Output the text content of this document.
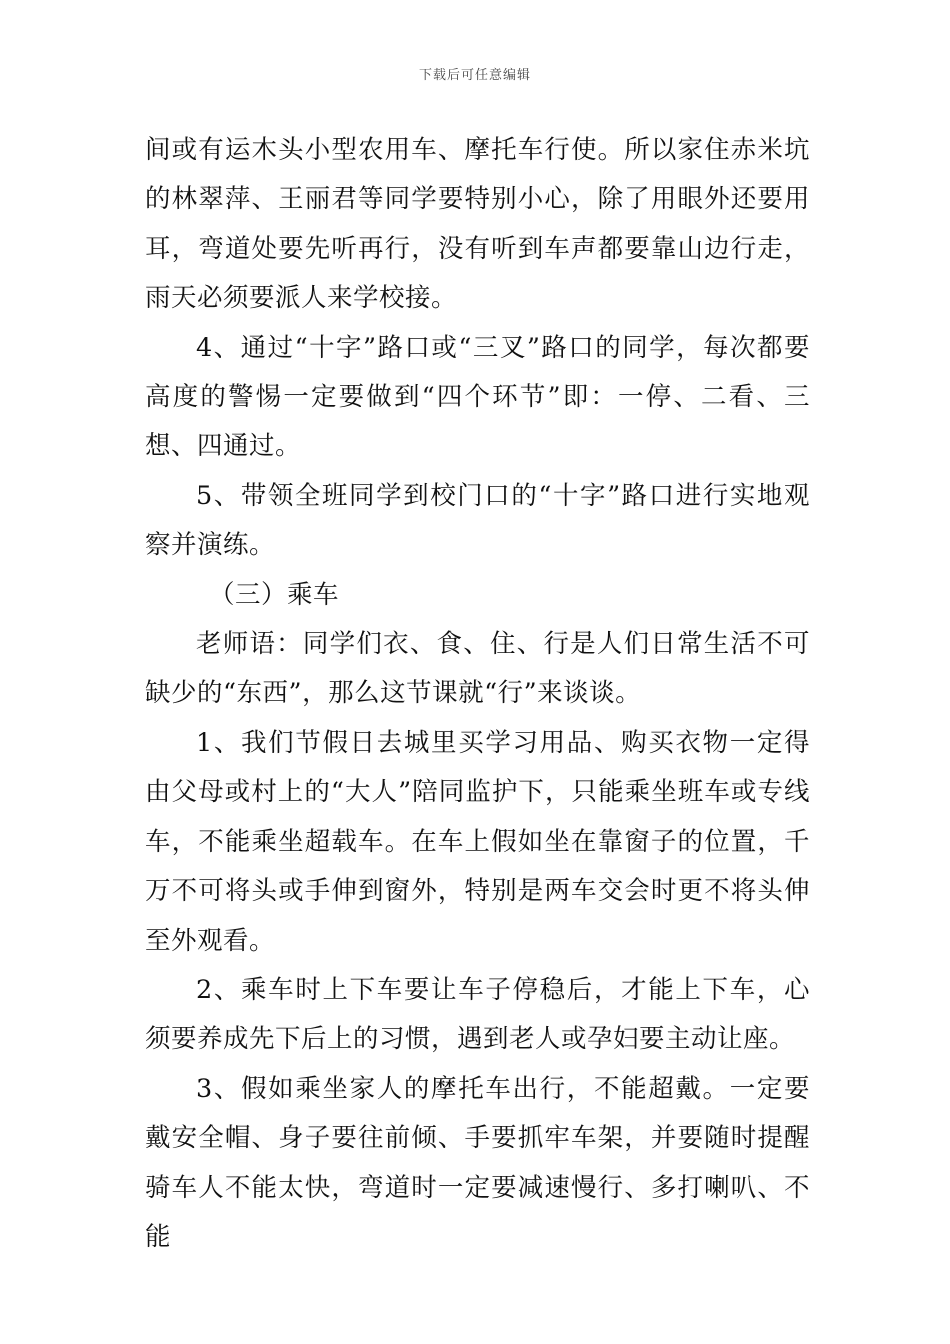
下载后可任意编辑

间或有运木头小型农用车、摩托车行使。所以家住赤米坑的林翠萍、王丽君等同学要特别小心，除了用眼外还要用耳，弯道处要先听再行，没有听到车声都要靠山边行走，雨天必须要派人来学校接。

4、通过“十字”路口或“三叉”路口的同学，每次都要高度的警惕一定要做到“四个环节”即：一停、二看、三想、四通过。

5、带领全班同学到校门口的“十字”路口进行实地观察并演练。

（三）乘车

老师语：同学们衣、食、住、行是人们日常生活不可缺少的“东西”，那么这节课就“行”来谈谈。

1、我们节假日去城里买学习用品、购买衣物一定得由父母或村上的“大人”陪同监护下，只能乘坐班车或专线车，不能乘坐超载车。在车上假如坐在靠窗子的位置，千万不可将头或手伸到窗外，特别是两车交会时更不将头伸至外观看。

2、乘车时上下车要让车子停稳后，才能上下车，心须要养成先下后上的习惯，遇到老人或孕妇要主动让座。

3、假如乘坐家人的摩托车出行，不能超戴。一定要戴安全帽、身子要往前倾、手要抓牢车架，并要随时提醒骑车人不能太快，弯道时一定要减速慢行、多打喇叭、不能
